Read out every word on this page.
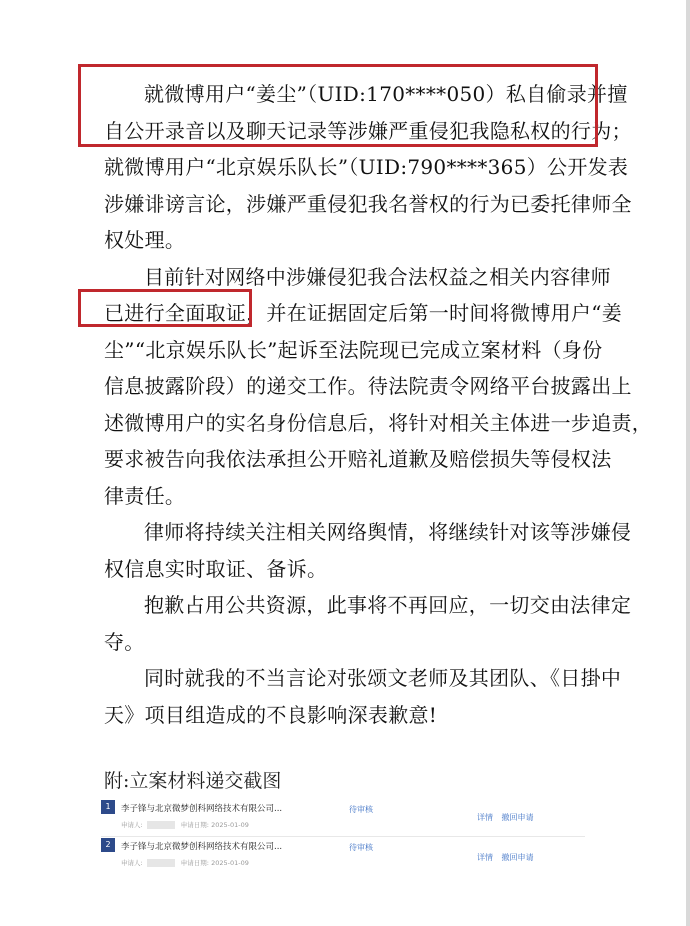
就微博用户“姜尘”（UID:170****050）私自偷录并擅
自公开录音以及聊天记录等涉嫌严重侵犯我隐私权的行为；

就微博用户“北京娱乐队长”（UID:790****365）公开发表
涉嫌诽谤言论，涉嫌严重侵犯我名誉权的行为已委托律师全
权处理。

目前针对网络中涉嫌侵犯我合法权益之相关内容律师
已进行全面取证，并在证据固定后第一时间将微博用户“姜
尘”“北京娱乐队长”起诉至法院现已完成立案材料（身份
信息披露阶段）的递交工作。待法院责令网络平台披露出上
述微博用户的实名身份信息后，将针对相关主体进一步追责，
要求被告向我依法承担公开赔礼道歉及赔偿损失等侵权法
律责任。

律师将持续关注相关网络舆情，将继续针对该等涉嫌侵
权信息实时取证、备诉。

抱歉占用公共资源，此事将不再回应，一切交由法律定
夺。

同时就我的不当言论对张颂文老师及其团队、《日掛中
天》项目组造成的不良影响深表歉意!

附:立案材料递交截图
1	李子锋与北京微梦创科网络技术有限公司...
申请人:	申请日期: 2025-01-09
待审核
详情 撤回申请
2	李子锋与北京微梦创科网络技术有限公司...
申请人:	申请日期: 2025-01-09
待审核
详情 撤回申请
